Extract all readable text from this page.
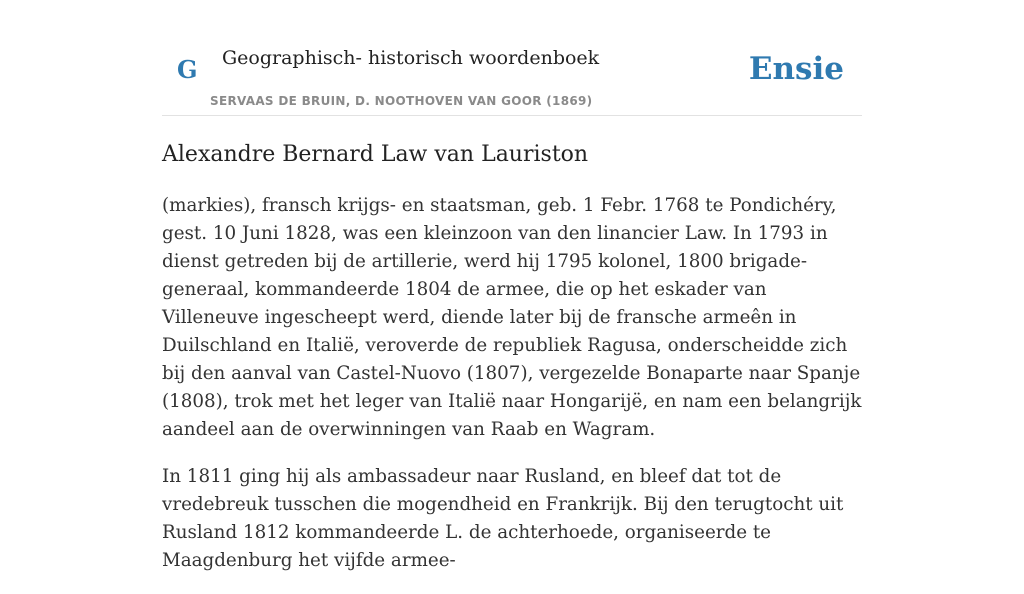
G Geographisch- historisch woordenboek
SERVAAS DE BRUIN, D. NOOTHOVEN VAN GOOR (1869)
Ensie
Alexandre Bernard Law van Lauriston

(markies), fransch krijgs- en staatsman, geb. 1 Febr. 1768 te Pondichéry, gest. 10 Juni 1828, was een kleinzoon van den linancier Law. In 1793 in dienst getreden bij de artillerie, werd hij 1795 kolonel, 1800 brigade-generaal, kommandeerde 1804 de armee, die op het eskader van Villeneuve ingescheept werd, diende later bij de fransche armeên in Duilschland en Italië, veroverde de republiek Ragusa, onderscheidde zich bij den aanval van Castel-Nuovo (1807), vergezelde Bonaparte naar Spanje (1808), trok met het leger van Italië naar Hongarijë, en nam een belangrijk aandeel aan de overwinningen van Raab en Wagram.

In 1811 ging hij als ambassadeur naar Rusland, en bleef dat tot de vredebreuk tusschen die mogendheid en Frankrijk. Bij den terugtocht uit Rusland 1812 kommandeerde L. de achterhoede, organiseerde te Maagdenburg het vijfde armee-
